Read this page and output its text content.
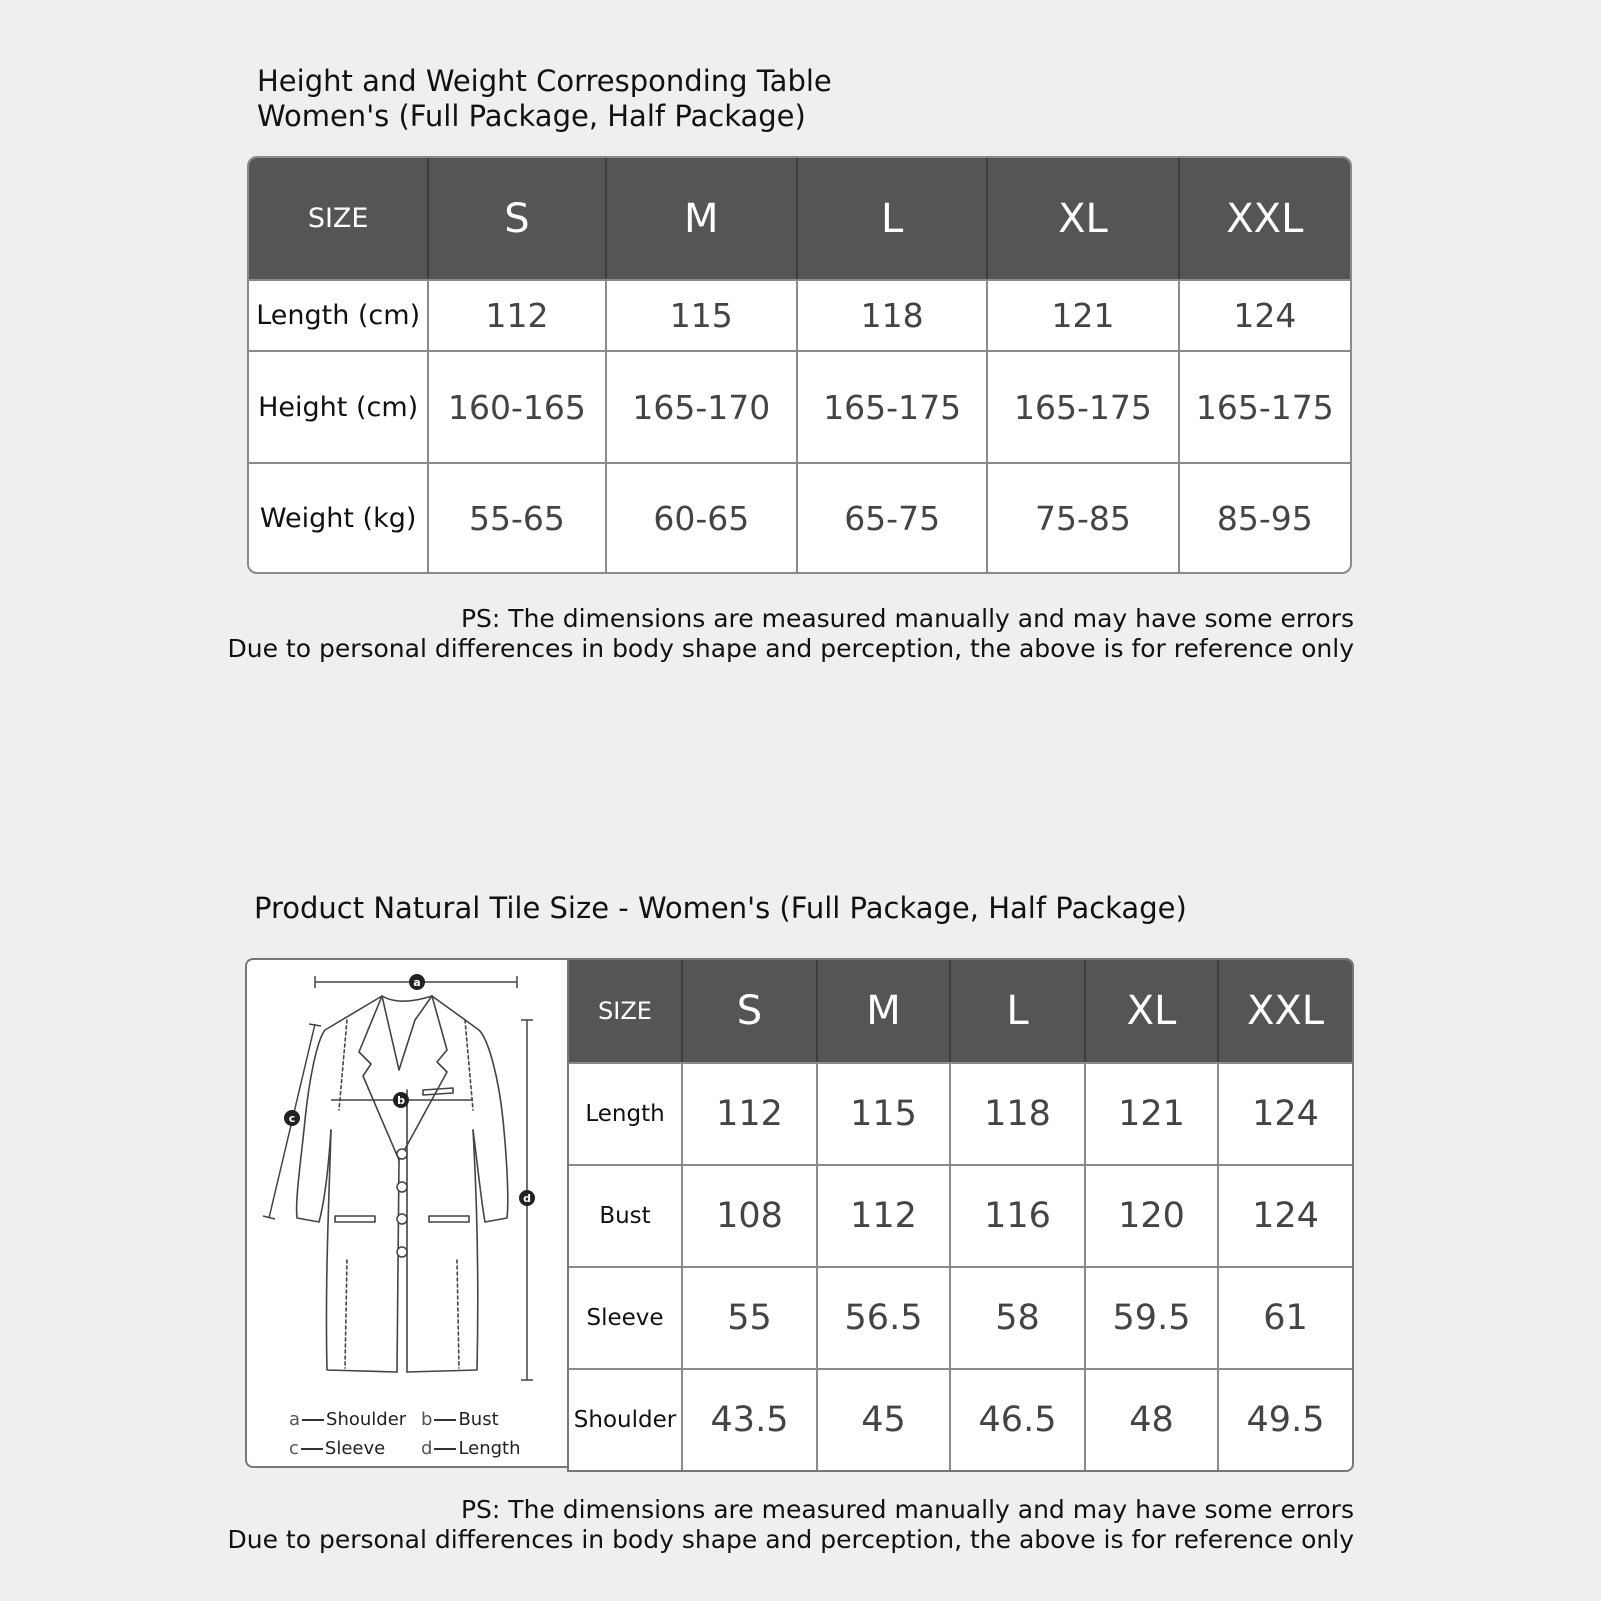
Height and Weight Corresponding Table
Women's (Full Package, Half Package)
SIZE	S	M	L	XL	XXL
Length (cm)	112	115	118	121	124
Height (cm)	160-165	165-170	165-175	165-175	165-175
Weight (kg)	55-65	60-65	65-75	75-85	85-95
PS: The dimensions are measured manually and may have some errors
Due to personal differences in body shape and perception, the above is for reference only
Product Natural Tile Size - Women's (Full Package, Half Package)
a
b
c
d
a Shoulder b Bust
c Sleeve d Length
SIZE	S	M	L	XL	XXL
Length	112	115	118	121	124
Bust	108	112	116	120	124
Sleeve	55	56.5	58	59.5	61
Shoulder	43.5	45	46.5	48	49.5
PS: The dimensions are measured manually and may have some errors
Due to personal differences in body shape and perception, the above is for reference only
